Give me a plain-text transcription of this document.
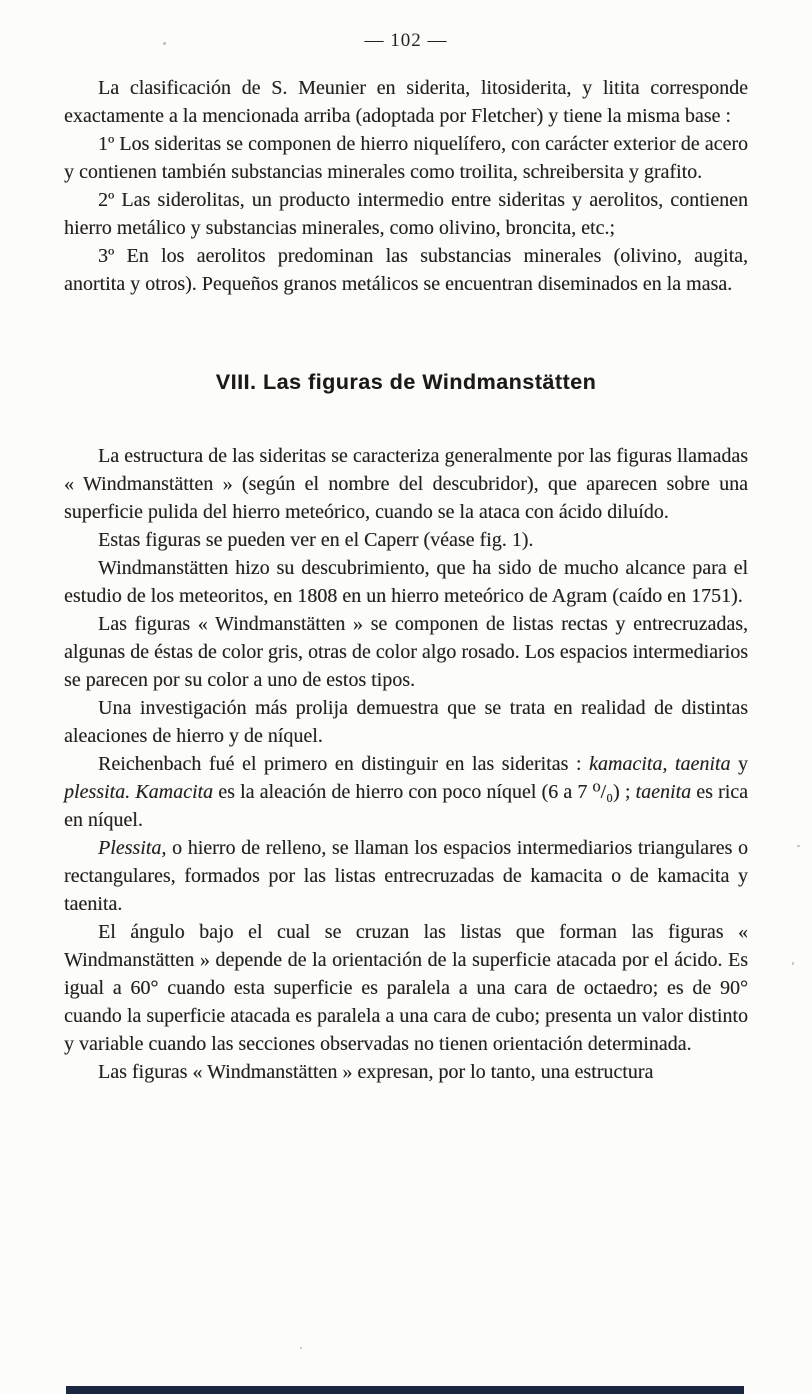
— 102 —

La clasificación de S. Meunier en siderita, litosiderita, y litita corresponde exactamente a la mencionada arriba (adoptada por Fletcher) y tiene la misma base :

1º Los sideritas se componen de hierro niquelífero, con carácter exterior de acero y contienen también substancias minerales como troilita, schreibersita y grafito.

2º Las siderolitas, un producto intermedio entre sideritas y aerolitos, contienen hierro metálico y substancias minerales, como olivino, broncita, etc.;

3º En los aerolitos predominan las substancias minerales (olivino, augita, anortita y otros). Pequeños granos metálicos se encuentran diseminados en la masa.

VIII. Las figuras de Windmanstätten

La estructura de las sideritas se caracteriza generalmente por las figuras llamadas « Windmanstätten » (según el nombre del descubridor), que aparecen sobre una superficie pulida del hierro meteórico, cuando se la ataca con ácido diluído.

Estas figuras se pueden ver en el Caperr (véase fig. 1).

Windmanstätten hizo su descubrimiento, que ha sido de mucho alcance para el estudio de los meteoritos, en 1808 en un hierro meteórico de Agram (caído en 1751).

Las figuras « Windmanstätten » se componen de listas rectas y entrecruzadas, algunas de éstas de color gris, otras de color algo rosado. Los espacios intermediarios se parecen por su color a uno de estos tipos.

Una investigación más prolija demuestra que se trata en realidad de distintas aleaciones de hierro y de níquel.

Reichenbach fué el primero en distinguir en las sideritas : kamacita, taenita y plessita. Kamacita es la aleación de hierro con poco níquel (6 a 7 ⁰/₀) ; taenita es rica en níquel.

Plessita, o hierro de relleno, se llaman los espacios intermediarios triangulares o rectangulares, formados por las listas entrecruzadas de kamacita o de kamacita y taenita.

El ángulo bajo el cual se cruzan las listas que forman las figuras « Windmanstätten » depende de la orientación de la superficie atacada por el ácido. Es igual a 60° cuando esta superficie es paralela a una cara de octaedro; es de 90° cuando la superficie atacada es paralela a una cara de cubo; presenta un valor distinto y variable cuando las secciones observadas no tienen orientación determinada.

Las figuras « Windmanstätten » expresan, por lo tanto, una estructura
